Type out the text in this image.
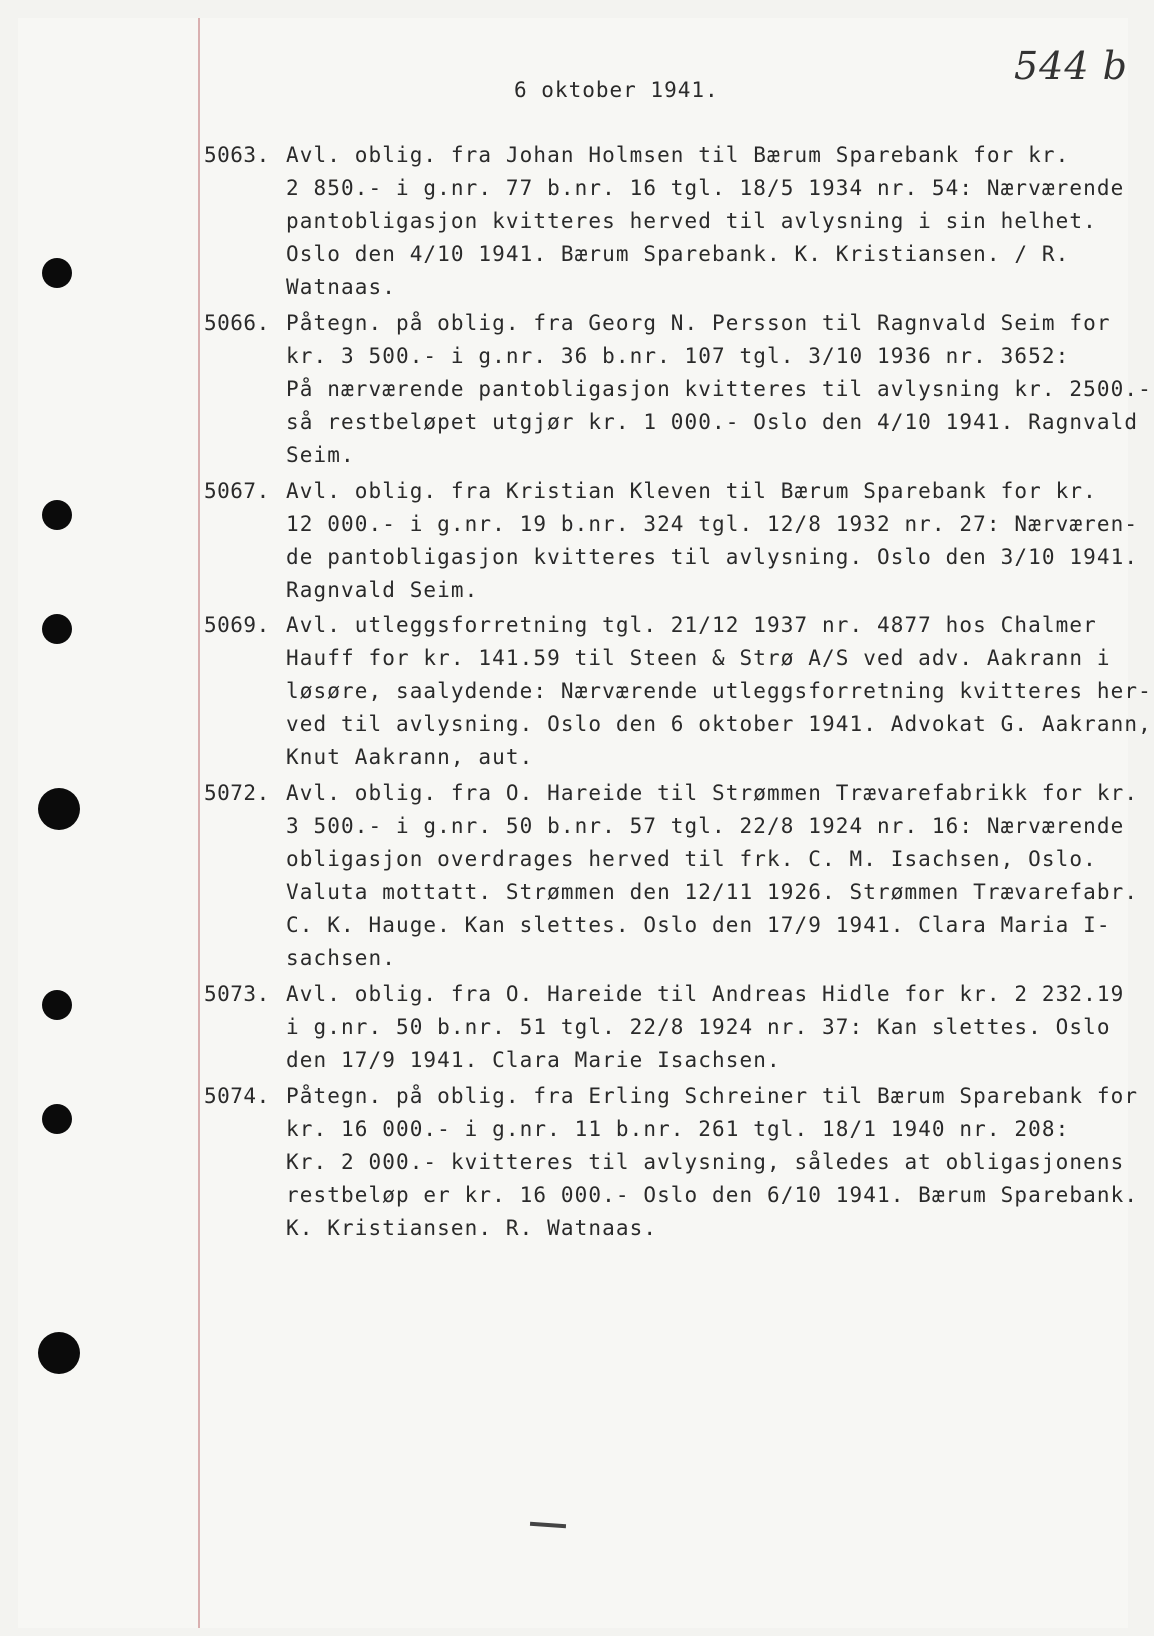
544 b
6 oktober 1941.
5063. Avl. oblig. fra Johan Holmsen til Bærum Sparebank for kr.
2 850.- i g.nr. 77 b.nr. 16 tgl. 18/5 1934 nr. 54: Nærværende
pantobligasjon kvitteres herved til avlysning i sin helhet.
Oslo den 4/10 1941. Bærum Sparebank. K. Kristiansen. / R.
Watnaas.
5066. Påtegn. på oblig. fra Georg N. Persson til Ragnvald Seim for
kr. 3 500.- i g.nr. 36 b.nr. 107 tgl. 3/10 1936 nr. 3652:
På nærværende pantobligasjon kvitteres til avlysning kr. 2500.-
så restbeløpet utgjør kr. 1 000.- Oslo den 4/10 1941. Ragnvald
Seim.
5067. Avl. oblig. fra Kristian Kleven til Bærum Sparebank for kr.
12 000.- i g.nr. 19 b.nr. 324 tgl. 12/8 1932 nr. 27: Nærværen-
de pantobligasjon kvitteres til avlysning. Oslo den 3/10 1941.
Ragnvald Seim.
5069. Avl. utleggsforretning tgl. 21/12 1937 nr. 4877 hos Chalmer
Hauff for kr. 141.59 til Steen & Strø A/S ved adv. Aakrann i
løsøre, saalydende: Nærværende utleggsforretning kvitteres her-
ved til avlysning. Oslo den 6 oktober 1941. Advokat G. Aakrann,
Knut Aakrann, aut.
5072. Avl. oblig. fra O. Hareide til Strømmen Trævarefabrikk for kr.
3 500.- i g.nr. 50 b.nr. 57 tgl. 22/8 1924 nr. 16: Nærværende
obligasjon overdrages herved til frk. C. M. Isachsen, Oslo.
Valuta mottatt. Strømmen den 12/11 1926. Strømmen Trævarefabr.
C. K. Hauge. Kan slettes. Oslo den 17/9 1941. Clara Maria I-
sachsen.
5073. Avl. oblig. fra O. Hareide til Andreas Hidle for kr. 2 232.19
i g.nr. 50 b.nr. 51 tgl. 22/8 1924 nr. 37: Kan slettes. Oslo
den 17/9 1941. Clara Marie Isachsen.
5074. Påtegn. på oblig. fra Erling Schreiner til Bærum Sparebank for
kr. 16 000.- i g.nr. 11 b.nr. 261 tgl. 18/1 1940 nr. 208:
Kr. 2 000.- kvitteres til avlysning, således at obligasjonens
restbeløp er kr. 16 000.- Oslo den 6/10 1941. Bærum Sparebank.
K. Kristiansen. R. Watnaas.
